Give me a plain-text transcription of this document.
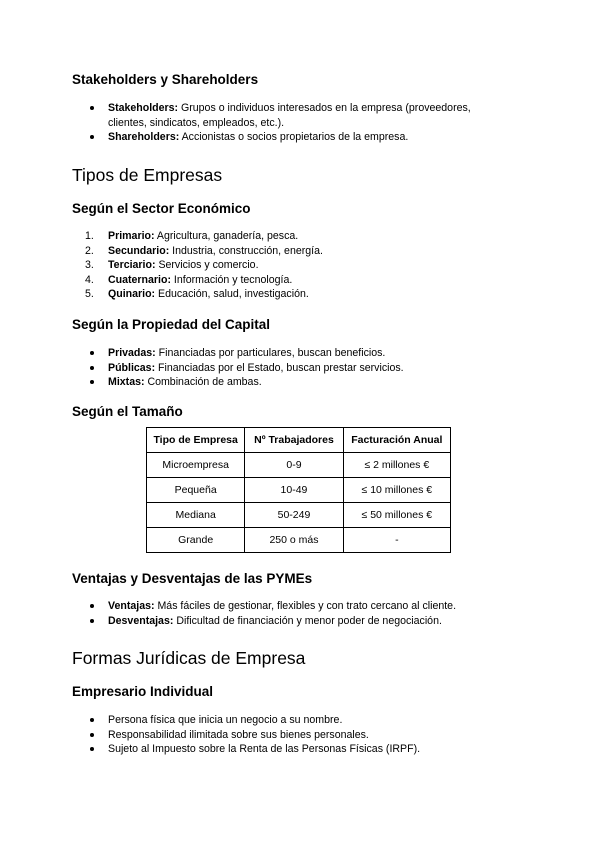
Stakeholders y Shareholders
Stakeholders: Grupos o individuos interesados en la empresa (proveedores, clientes, sindicatos, empleados, etc.).
Shareholders: Accionistas o socios propietarios de la empresa.
Tipos de Empresas
Según el Sector Económico
1. Primario: Agricultura, ganadería, pesca.
2. Secundario: Industria, construcción, energía.
3. Terciario: Servicios y comercio.
4. Cuaternario: Información y tecnología.
5. Quinario: Educación, salud, investigación.
Según la Propiedad del Capital
Privadas: Financiadas por particulares, buscan beneficios.
Públicas: Financiadas por el Estado, buscan prestar servicios.
Mixtas: Combinación de ambas.
Según el Tamaño
Tipo de Empresa	Nº Trabajadores	Facturación Anual
Microempresa	0-9	≤ 2 millones €
Pequeña	10-49	≤ 10 millones €
Mediana	50-249	≤ 50 millones €
Grande	250 o más	-
Ventajas y Desventajas de las PYMEs
Ventajas: Más fáciles de gestionar, flexibles y con trato cercano al cliente.
Desventajas: Dificultad de financiación y menor poder de negociación.
Formas Jurídicas de Empresa
Empresario Individual
Persona física que inicia un negocio a su nombre.
Responsabilidad ilimitada sobre sus bienes personales.
Sujeto al Impuesto sobre la Renta de las Personas Físicas (IRPF).
